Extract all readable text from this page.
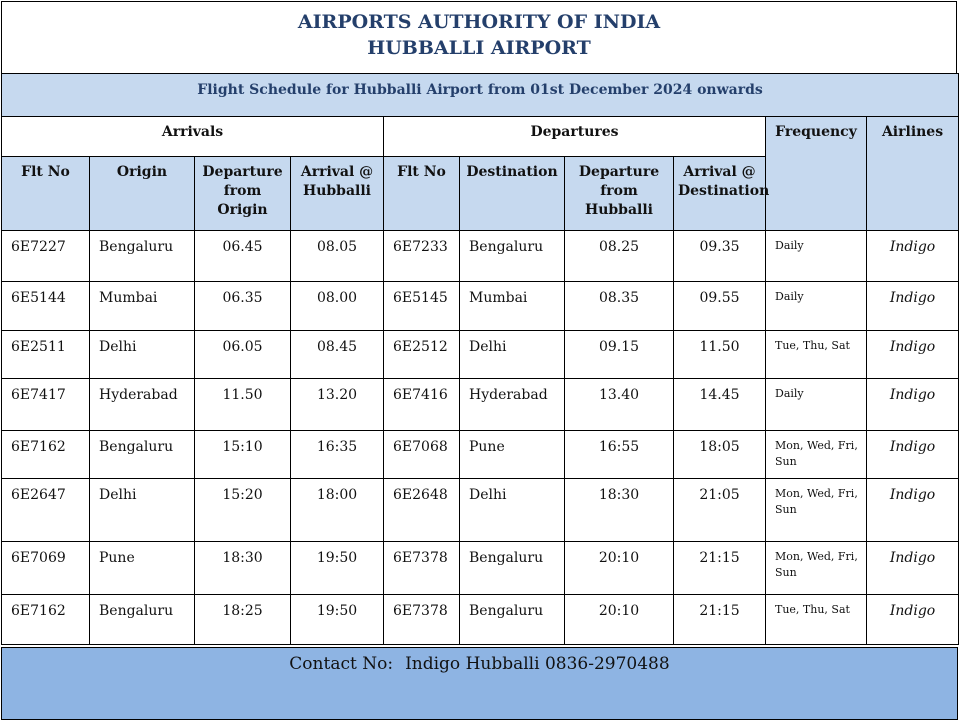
AIRPORTS AUTHORITY OF INDIA
HUBBALLI AIRPORT
Flight Schedule for Hubballi Airport from 01st December 2024 onwards									
Arrivals				Departures				Frequency	Airlines
Flt No	Origin	Departure from Origin	Arrival @ Hubballi	Flt No	Destination	Departure from Hubballi	Arrival @ Destination		
6E7227	Bengaluru	06.45	08.05	6E7233	Bengaluru	08.25	09.35	Daily	Indigo
6E5144	Mumbai	06.35	08.00	6E5145	Mumbai	08.35	09.55	Daily	Indigo
6E2511	Delhi	06.05	08.45	6E2512	Delhi	09.15	11.50	Tue, Thu, Sat	Indigo
6E7417	Hyderabad	11.50	13.20	6E7416	Hyderabad	13.40	14.45	Daily	Indigo
6E7162	Bengaluru	15:10	16:35	6E7068	Pune	16:55	18:05	Mon, Wed, Fri, Sun	Indigo
6E2647	Delhi	15:20	18:00	6E2648	Delhi	18:30	21:05	Mon, Wed, Fri, Sun	Indigo
6E7069	Pune	18:30	19:50	6E7378	Bengaluru	20:10	21:15	Mon, Wed, Fri, Sun	Indigo
6E7162	Bengaluru	18:25	19:50	6E7378	Bengaluru	20:10	21:15	Tue, Thu, Sat	Indigo
Contact No: Indigo Hubballi 0836-2970488
